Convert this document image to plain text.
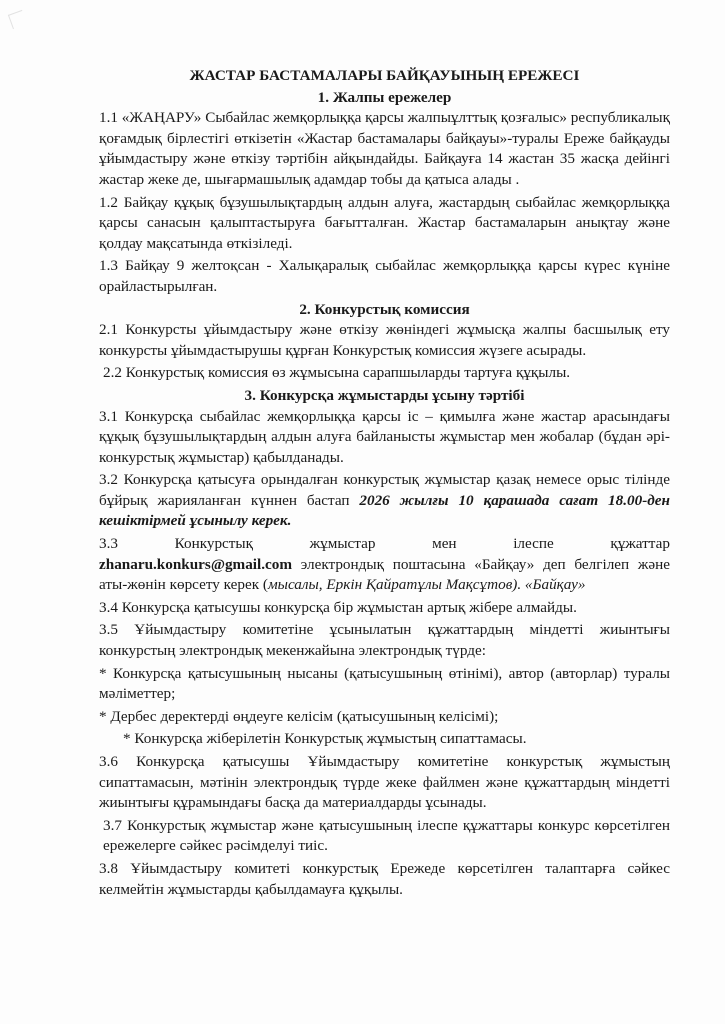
ЖАСТАР БАСТАМАЛАРЫ БАЙҚАУЫНЫҢ ЕРЕЖЕСІ
1. Жалпы ережелер

1.1 «ЖАҢАРУ» Сыбайлас жемқорлыққа қарсы жалпыұлттық қозғалыс» республикалық қоғамдық бірлестігі өткізетін «Жастар бастамалары байқауы»-туралы Ереже байқауды ұйымдастыру және өткізу тәртібін айқындайды. Байқауға 14 жастан 35 жасқа дейінгі жастар жеке де, шығармашылық адамдар тобы да қатыса алады .

1.2 Байқау құқық бұзушылықтардың алдын алуға, жастардың сыбайлас жемқорлыққа қарсы санасын қалыптастыруға бағытталған. Жастар бастамаларын анықтау және қолдау мақсатында өткізіледі.

1.3 Байқау 9 желтоқсан - Халықаралық сыбайлас жемқорлыққа қарсы күрес күніне орайластырылған.

2. Конкурстық комиссия

2.1 Конкурсты ұйымдастыру және өткізу жөніндегі жұмысқа жалпы басшылық ету конкурсты ұйымдастырушы құрған Конкурстық комиссия жүзеге асырады.

2.2 Конкурстық комиссия өз жұмысына сарапшыларды тартуға құқылы.

3. Конкурсқа жұмыстарды ұсыну тәртібі

3.1 Конкурсқа сыбайлас жемқорлыққа қарсы іс – қимылға және жастар арасындағы құқық бұзушылықтардың алдын алуға байланысты жұмыстар мен жобалар (бұдан әрі-конкурстық жұмыстар) қабылданады.

3.2 Конкурсқа қатысуға орындалған конкурстық жұмыстар қазақ немесе орыс тілінде бұйрық жарияланған күннен бастап 2026 жылғы 10 қарашада сағат 18.00-ден кешіктірмей ұсынылу керек.

3.3	Конкурстық	жұмыстар	мен	ілеспе	құжаттар

zhanaru.konkurs@gmail.com электрондық поштасына «Байқау» деп белгілеп және аты-жөнін көрсету керек (мысалы, Еркін Қайратұлы Мақсұтов). «Байқау»

3.4 Конкурсқа қатысушы конкурсқа бір жұмыстан артық жібере алмайды.

3.5 Ұйымдастыру комитетіне ұсынылатын құжаттардың міндетті жиынтығы конкурстың электрондық мекенжайына электрондық түрде:

* Конкурсқа қатысушының нысаны (қатысушының өтінімі), автор (авторлар) туралы мәліметтер;

* Дербес деректерді өңдеуге келісім (қатысушының келісімі);

* Конкурсқа жіберілетін Конкурстық жұмыстың сипаттамасы.

3.6 Конкурсқа қатысушы Ұйымдастыру комитетіне конкурстық жұмыстың сипаттамасын, мәтінін электрондық түрде жеке файлмен және құжаттардың міндетті жиынтығы құрамындағы басқа да материалдарды ұсынады.

3.7 Конкурстық жұмыстар және қатысушының ілеспе құжаттары конкурс көрсетілген ережелерге сәйкес рәсімделуі тиіс.

3.8 Ұйымдастыру комитеті конкурстық Ережеде көрсетілген талаптарға сәйкес келмейтін жұмыстарды қабылдамауға құқылы.
